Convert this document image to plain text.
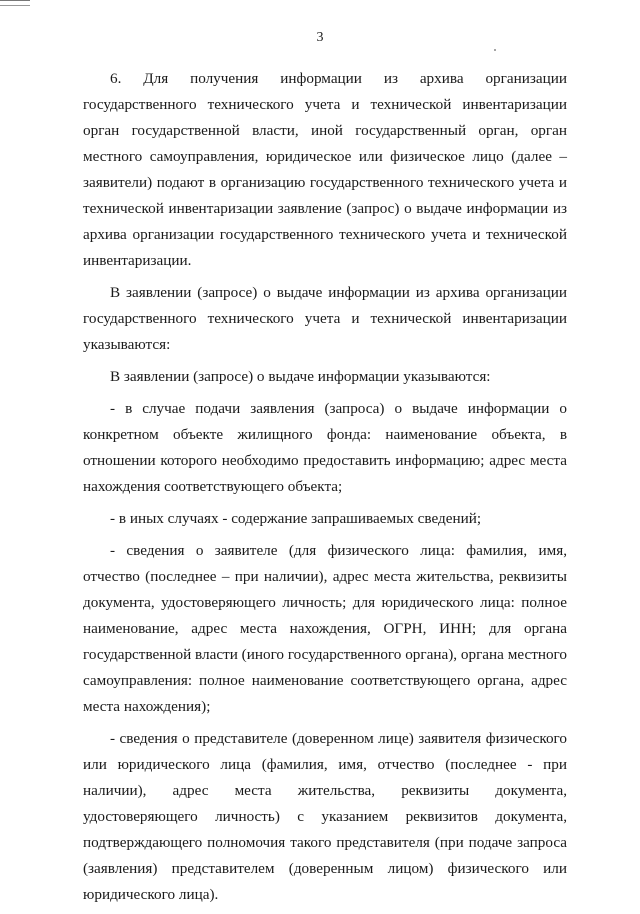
3

6. Для получения информации из архива организации государственного технического учета и технической инвентаризации орган государственной власти, иной государственный орган, орган местного самоуправления, юридическое или физическое лицо (далее – заявители) подают в организацию государственного технического учета и технической инвентаризации заявление (запрос) о выдаче информации из архива организации государственного технического учета и технической инвентаризации.

В заявлении (запросе) о выдаче информации из архива организации государственного технического учета и технической инвентаризации указываются:

В заявлении (запросе) о выдаче информации указываются:

- в случае подачи заявления (запроса) о выдаче информации о конкретном объекте жилищного фонда: наименование объекта, в отношении которого необходимо предоставить информацию; адрес места нахождения соответствующего объекта;

- в иных случаях - содержание запрашиваемых сведений;

- сведения о заявителе (для физического лица: фамилия, имя, отчество (последнее – при наличии), адрес места жительства, реквизиты документа, удостоверяющего личность; для юридического лица: полное наименование, адрес места нахождения, ОГРН, ИНН; для органа государственной власти (иного государственного органа), органа местного самоуправления: полное наименование соответствующего органа, адрес места нахождения);

- сведения о представителе (доверенном лице) заявителя физического или юридического лица (фамилия, имя, отчество (последнее - при наличии), адрес места жительства, реквизиты документа, удостоверяющего личность) с указанием реквизитов документа, подтверждающего полномочия такого представителя (при подаче запроса (заявления) представителем (доверенным лицом) физического или юридического лица).
